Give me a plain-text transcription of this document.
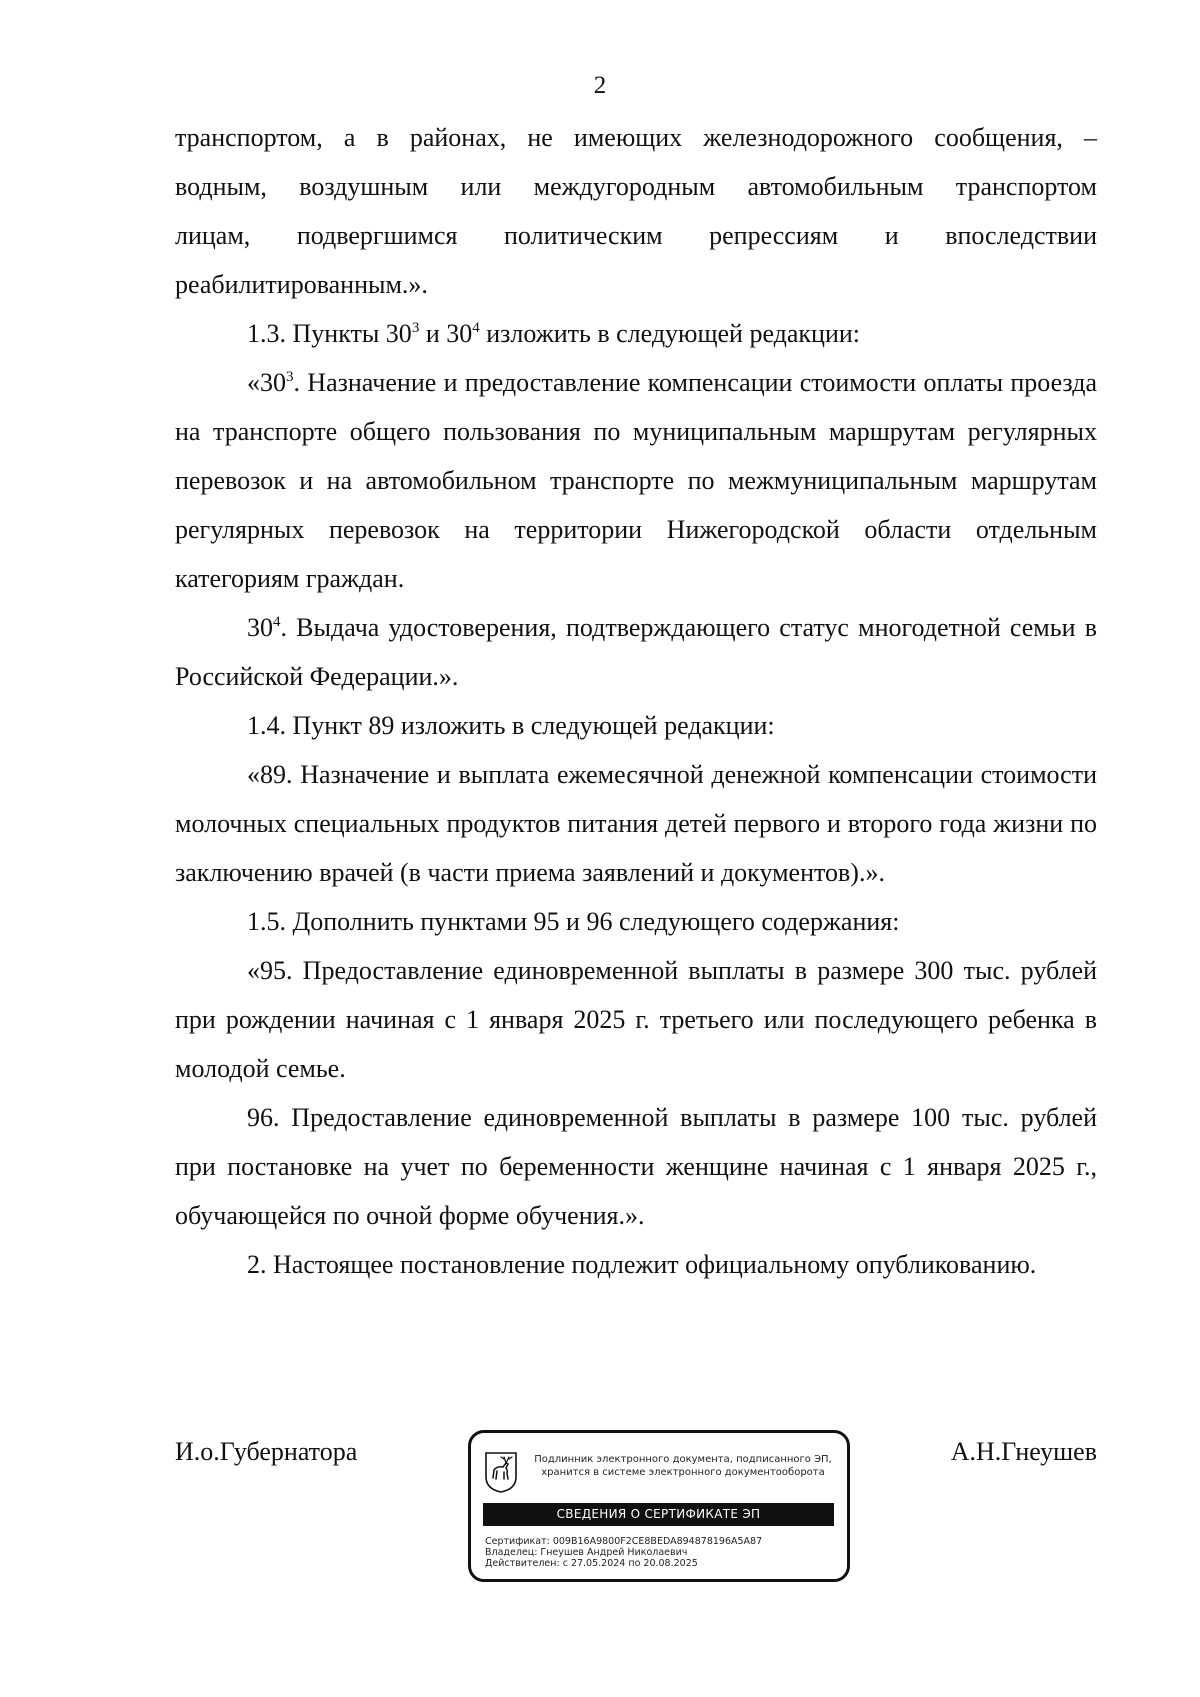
2

транспортом, а в районах, не имеющих железнодорожного сообщения, –

водным, воздушным или междугородным автомобильным транспортом

лицам, подвергшимся политическим репрессиям и впоследствии

реабилитированным.».

1.3. Пункты $30^3$ и $30^4$ изложить в следующей редакции:

«$30^3$. Назначение и предоставление компенсации стоимости оплаты проезда на транспорте общего пользования по муниципальным маршрутам регулярных перевозок и на автомобильном транспорте по межмуниципальным маршрутам регулярных перевозок на территории Нижегородской области отдельным категориям граждан.

$30^4$. Выдача удостоверения, подтверждающего статус многодетной семьи в Российской Федерации.».

1.4. Пункт 89 изложить в следующей редакции:

«89. Назначение и выплата ежемесячной денежной компенсации стоимости молочных специальных продуктов питания детей первого и второго года жизни по заключению врачей (в части приема заявлений и документов).».

1.5. Дополнить пунктами 95 и 96 следующего содержания:

«95. Предоставление единовременной выплаты в размере 300 тыс. рублей при рождении начиная с 1 января 2025 г. третьего или последующего ребенка в молодой семье.

96. Предоставление единовременной выплаты в размере 100 тыс. рублей при постановке на учет по беременности женщине начиная с 1 января 2025 г., обучающейся по очной форме обучения.».

2. Настоящее постановление подлежит официальному опубликованию.

И.о.Губернатора	А.Н.Гнеушев
Подлинник электронного документа, подписанного ЭП,
хранится в системе электронного документооборота
СВЕДЕНИЯ О СЕРТИФИКАТЕ ЭП
Сертификат: 009B16A9800F2CE8BEDA894878196A5A87
Владелец: Гнеушев Андрей Николаевич
Действителен: с 27.05.2024 по 20.08.2025
